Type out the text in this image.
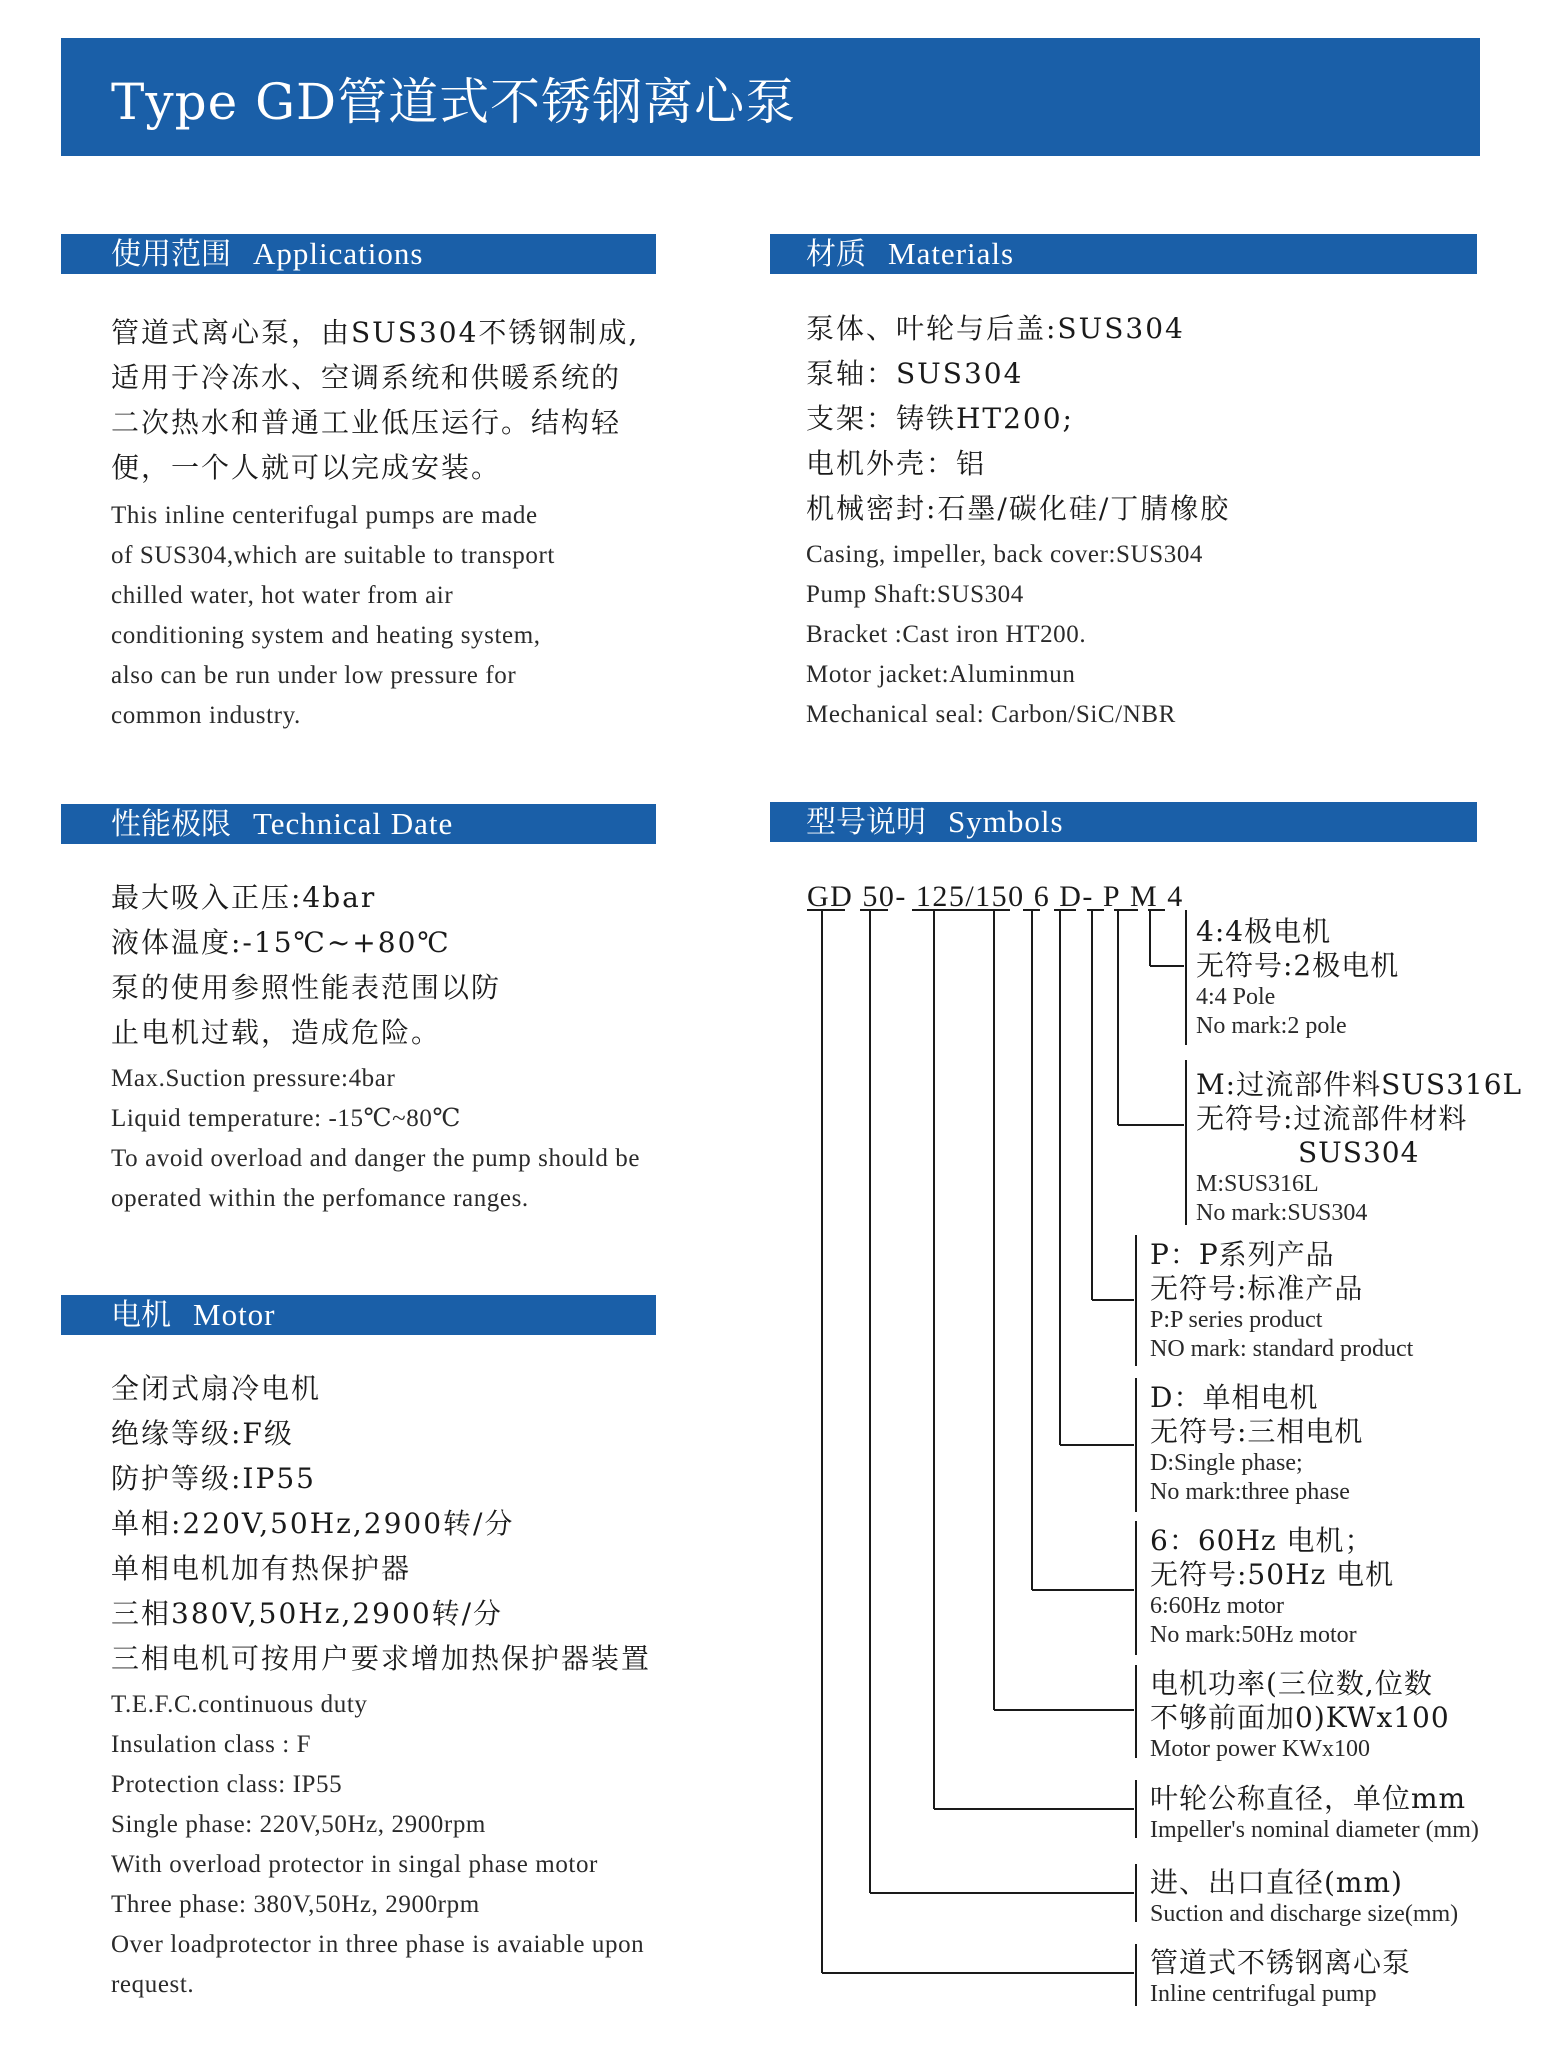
Type GD管道式不锈钢离心泵
使用范围 Applications
管道式离心泵，由SUS304不锈钢制成,
适用于冷冻水、空调系统和供暖系统的
二次热水和普通工业低压运行。结构轻
便，一个人就可以完成安装。
This inline centerifugal pumps are made
of SUS304,which are suitable to transport
chilled water, hot water from air
conditioning system and heating system,
also can be run under low pressure for
common industry.
材质 Materials
泵体、叶轮与后盖:SUS304
泵轴：SUS304
支架：铸铁HT200;
电机外壳：铝
机械密封:石墨/碳化硅/丁腈橡胶
Casing, impeller, back cover:SUS304
Pump Shaft:SUS304
Bracket :Cast iron HT200.
Motor jacket:Aluminmun
Mechanical seal: Carbon/SiC/NBR
性能极限 Technical Date
最大吸入正压:4bar
液体温度:-15℃~+80℃
泵的使用参照性能表范围以防
止电机过载，造成危险。
Max.Suction pressure:4bar
Liquid temperature: -15℃~80℃
To avoid overload and danger the pump should be
operated within the perfomance ranges.
电机 Motor
全闭式扇冷电机
绝缘等级:F级
防护等级:IP55
单相:220V,50Hz,2900转/分
单相电机加有热保护器
三相380V,50Hz,2900转/分
三相电机可按用户要求增加热保护器装置
T.E.F.C.continuous duty
Insulation class : F
Protection class: IP55
Single phase: 220V,50Hz, 2900rpm
With overload protector in singal phase motor
Three phase: 380V,50Hz, 2900rpm
Over loadprotector in three phase is avaiable upon
request.
型号说明 Symbols
GD 50- 125/150 6 D- P M 4
4:4极电机
无符号:2极电机
4:4 Pole
No mark:2 pole
M:过流部件料SUS316L
无符号:过流部件材料
SUS304
M:SUS316L
No mark:SUS304
P：P系列产品
无符号:标准产品
P:P series product
NO mark: standard product
D：单相电机
无符号:三相电机
D:Single phase;
No mark:three phase
6：60Hz 电机；
无符号:50Hz 电机
6:60Hz motor
No mark:50Hz motor
电机功率(三位数,位数
不够前面加0)KWx100
Motor power KWx100
叶轮公称直径，单位mm
Impeller's nominal diameter (mm)
进、出口直径(mm)
Suction and discharge size(mm)
管道式不锈钢离心泵
Inline centrifugal pump
